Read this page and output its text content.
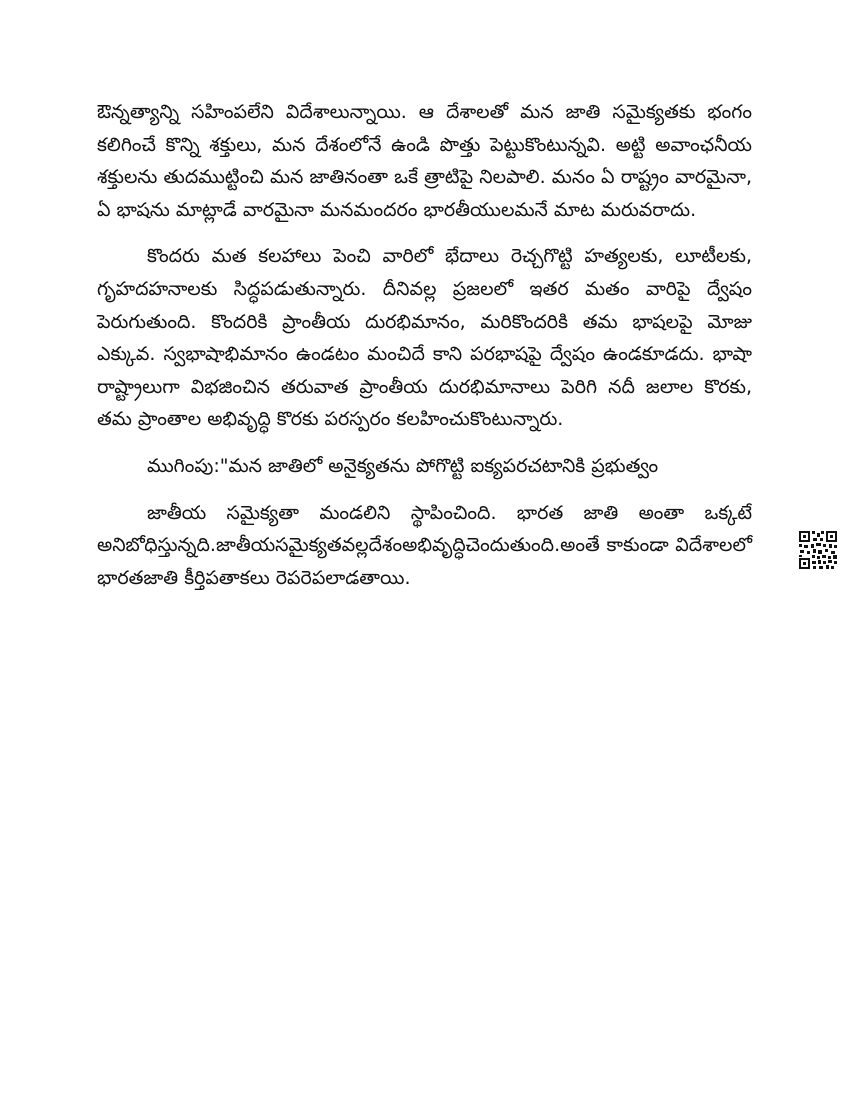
ఔన్నత్యాన్ని సహింపలేని విదేశాలున్నాయి. ఆ దేశాలతో మన జాతి సమైక్యతకు భంగం కలిగించే కొన్ని శక్తులు, మన దేశంలోనే ఉండి పొత్తు పెట్టుకొంటున్నవి. అట్టి అవాంఛనీయ శక్తులను తుదముట్టించి మన జాతినంతా ఒకే త్రాటిపై నిలపాలి. మనం ఏ రాష్ట్రం వారమైనా, ఏ భాషను మాట్లాడే వారమైనా మనమందరం భారతీయులమనే మాట మరువరాదు.

కొందరు మత కలహాలు పెంచి వారిలో భేదాలు రెచ్చగొట్టి హత్యలకు, లూటీలకు, గృహదహనాలకు సిద్ధపడుతున్నారు. దీనివల్ల ప్రజలలో ఇతర మతం వారిపై ద్వేషం పెరుగుతుంది. కొందరికి ప్రాంతీయ దురభిమానం, మరికొందరికి తమ భాషలపై మోజు ఎక్కువ. స్వభాషాభిమానం ఉండటం మంచిదే కాని పరభాషపై ద్వేషం ఉండకూడదు. భాషా రాష్ట్రాలుగా విభజించిన తరువాత ప్రాంతీయ దురభిమానాలు పెరిగి నదీ జలాల కొరకు, తమ ప్రాంతాల అభివృద్ధి కొరకు పరస్పరం కలహించుకొంటున్నారు.

ముగింపు:"మన జాతిలో అనైక్యతను పోగొట్టి ఐక్యపరచటానికి ప్రభుత్వం

జాతీయ సమైక్యతా మండలిని స్థాపించింది. భారత జాతి అంతా ఒక్కటే అనిబోధిస్తున్నది.జాతీయసమైక్యతవల్లదేశంఅభివృద్ధిచెందుతుంది.అంతే కాకుండా విదేశాలలో భారతజాతి కీర్తిపతాకలు రెపరెపలాడతాయి.
